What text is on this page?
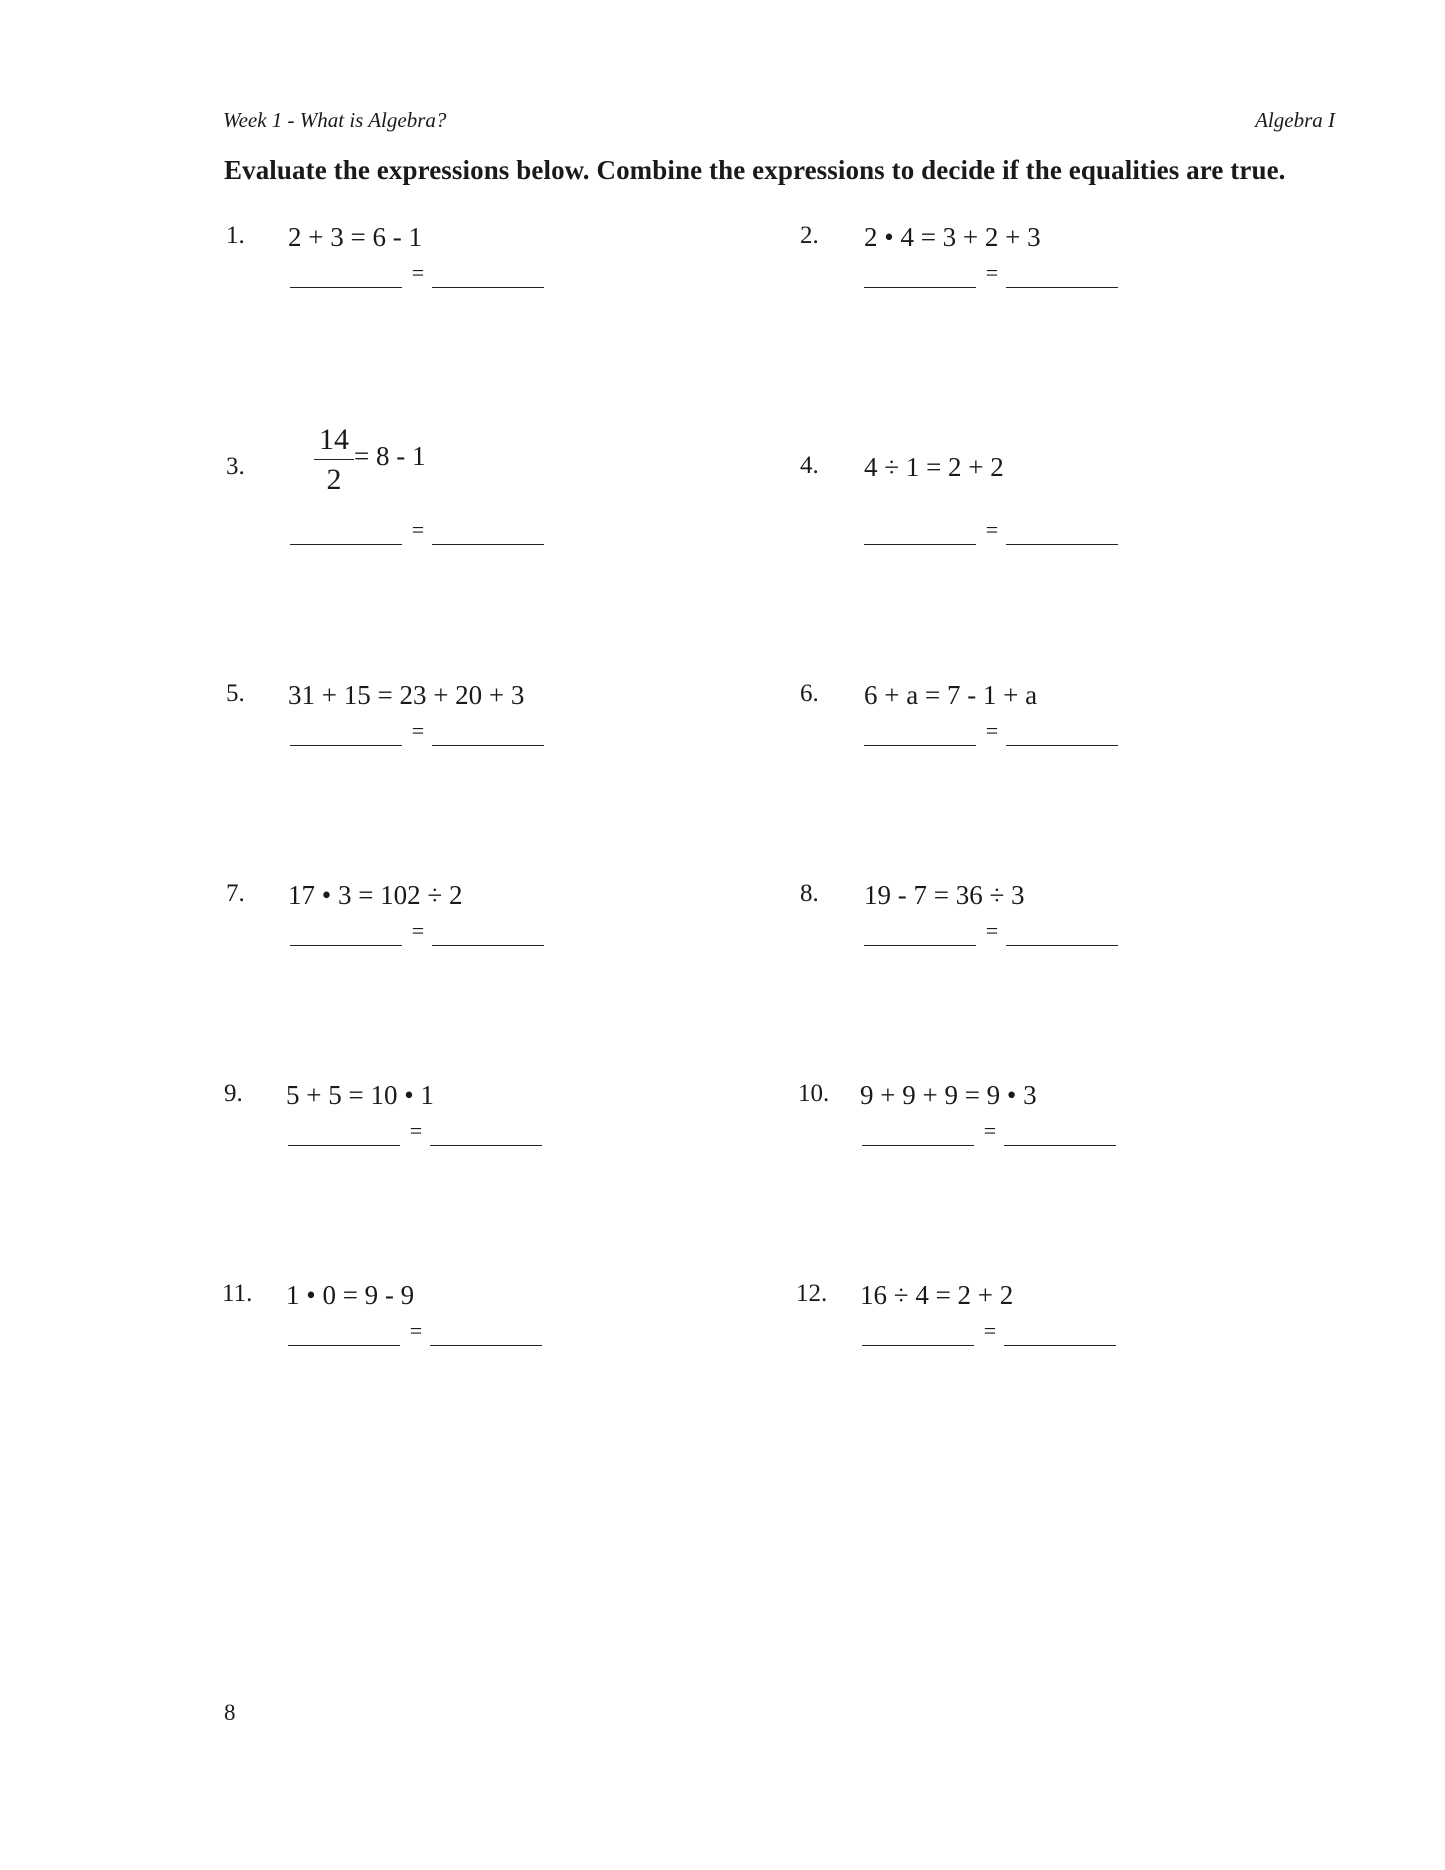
Week 1 - What is Algebra?	Algebra I
Evaluate the expressions below. Combine the expressions to decide if the equalities are true.
1. 2 + 3 = 6 - 1
=
2. 2 • 4 = 3 + 2 + 3
=
3.
14
2
= 8 - 1
=
4. 4 ÷ 1 = 2 + 2
=
5. 31 + 15 = 23 + 20 + 3
=
6. 6 + a = 7 - 1 + a
=
7. 17 • 3 = 102 ÷ 2
=
8. 19 - 7 = 36 ÷ 3
=
9. 5 + 5 = 10 • 1
=
10. 9 + 9 + 9 = 9 • 3
=
11. 1 • 0 = 9 - 9
=
12. 16 ÷ 4 = 2 + 2
=
8
